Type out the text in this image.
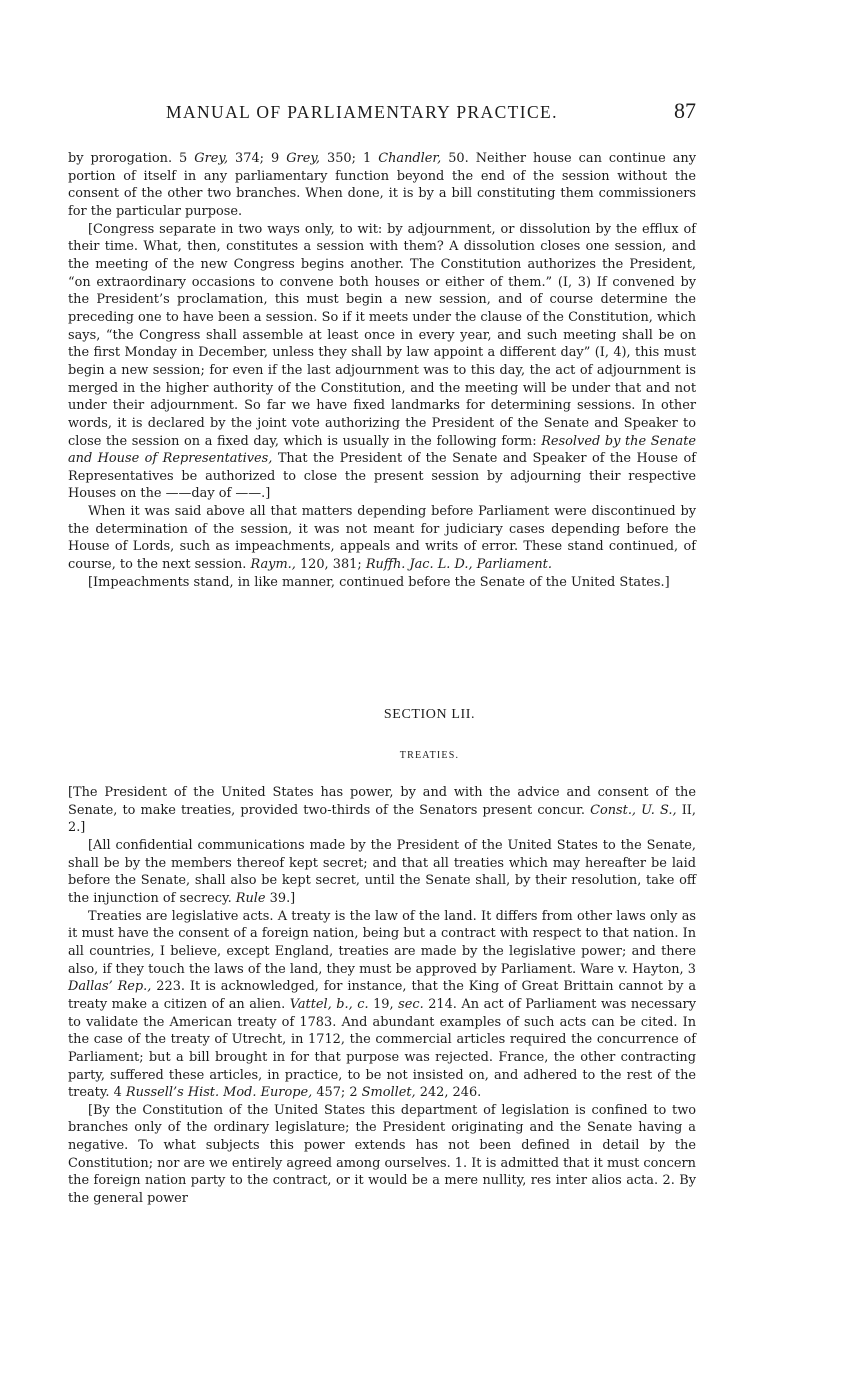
MANUAL OF PARLIAMENTARY PRACTICE.	87

by prorogation. 5 Grey, 374; 9 Grey, 350; 1 Chandler, 50. Neither house can continue any portion of itself in any parliamentary function beyond the end of the session without the consent of the other two branches. When done, it is by a bill constituting them commissioners for the particular purpose.

[Congress separate in two ways only, to wit: by adjournment, or dissolution by the efflux of their time. What, then, constitutes a session with them? A dissolution closes one session, and the meeting of the new Congress begins another. The Constitution authorizes the President, “on extraordinary occasions to convene both houses or either of them.” (I, 3) If convened by the President’s proclamation, this must begin a new session, and of course determine the preceding one to have been a session. So if it meets under the clause of the Constitution, which says, “the Congress shall assemble at least once in every year, and such meeting shall be on the first Monday in December, unless they shall by law appoint a different day” (I, 4), this must begin a new session; for even if the last adjournment was to this day, the act of adjournment is merged in the higher authority of the Constitution, and the meeting will be under that and not under their adjournment. So far we have fixed landmarks for determining sessions. In other words, it is declared by the joint vote authorizing the President of the Senate and Speaker to close the session on a fixed day, which is usually in the following form: Resolved by the Senate and House of Representatives, That the President of the Senate and Speaker of the House of Representatives be authorized to close the present session by adjourning their respective Houses on the ——day of ——.]

When it was said above all that matters depending before Parliament were discontinued by the determination of the session, it was not meant for judiciary cases depending before the House of Lords, such as impeachments, appeals and writs of error. These stand continued, of course, to the next session. Raym., 120, 381; Ruffh. Jac. L. D., Parliament.

[Impeachments stand, in like manner, continued before the Senate of the United States.]

SECTION LII.
TREATIES.

[The President of the United States has power, by and with the advice and consent of the Senate, to make treaties, provided two-thirds of the Senators present concur. Const., U. S., II, 2.]

[All confidential communications made by the President of the United States to the Senate, shall be by the members thereof kept secret; and that all treaties which may hereafter be laid before the Senate, shall also be kept secret, until the Senate shall, by their resolution, take off the injunction of secrecy. Rule 39.]

Treaties are legislative acts. A treaty is the law of the land. It differs from other laws only as it must have the consent of a foreign nation, being but a contract with respect to that nation. In all countries, I believe, except England, treaties are made by the legislative power; and there also, if they touch the laws of the land, they must be approved by Parliament. Ware v. Hayton, 3 Dallas’ Rep., 223. It is acknowledged, for instance, that the King of Great Brittain cannot by a treaty make a citizen of an alien. Vattel, b., c. 19, sec. 214. An act of Parliament was necessary to validate the American treaty of 1783. And abundant examples of such acts can be cited. In the case of the treaty of Utrecht, in 1712, the commercial articles required the concurrence of Parliament; but a bill brought in for that purpose was rejected. France, the other contracting party, suffered these articles, in practice, to be not insisted on, and adhered to the rest of the treaty. 4 Russell’s Hist. Mod. Europe, 457; 2 Smollet, 242, 246.

[By the Constitution of the United States this department of legislation is confined to two branches only of the ordinary legislature; the President originating and the Senate having a negative. To what subjects this power extends has not been defined in detail by the Constitution; nor are we entirely agreed among ourselves. 1. It is admitted that it must concern the foreign nation party to the contract, or it would be a mere nullity, res inter alios acta. 2. By the general power
